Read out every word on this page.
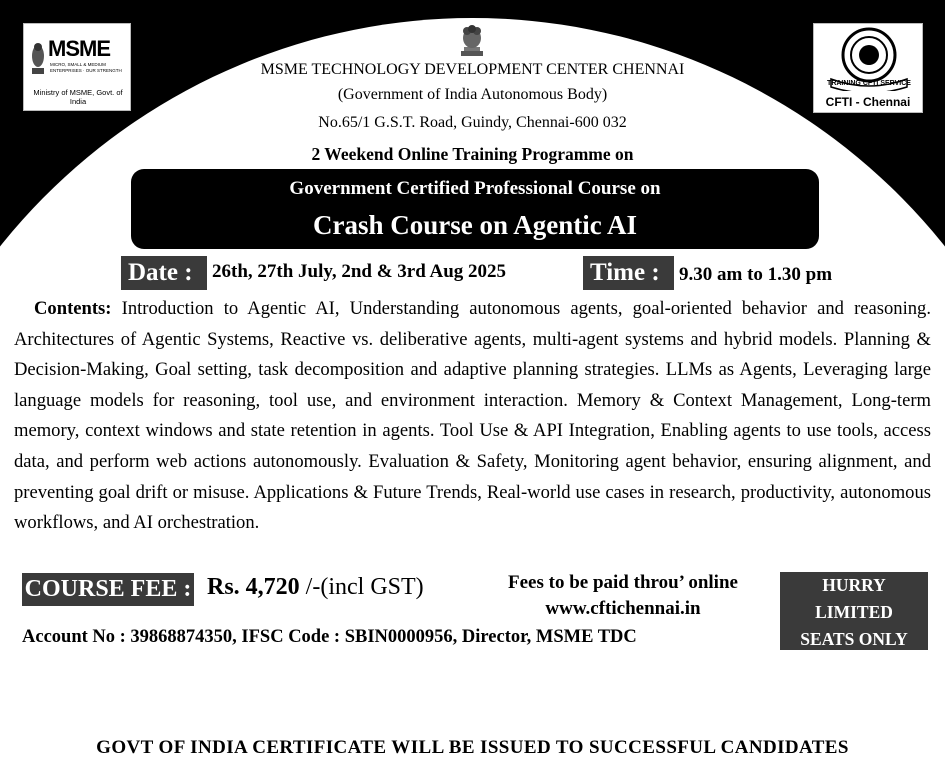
MSME
MICRO, SMALL & MEDIUM ENTERPRISES · OUR STRENGTH
Ministry of MSME, Govt. of India
TRAINING CFTI SERVICE
CFTI - Chennai
MSME TECHNOLOGY DEVELOPMENT CENTER CHENNAI
(Government of India Autonomous Body)
No.65/1 G.S.T. Road, Guindy, Chennai-600 032
2 Weekend Online Training Programme on
Government Certified Professional Course on
Crash Course on Agentic AI
Date :	26th, 27th July, 2nd & 3rd Aug 2025	Time :	9.30 am to 1.30 pm
Contents: Introduction to Agentic AI, Understanding autonomous agents, goal-oriented behavior and reasoning. Architectures of Agentic Systems, Reactive vs. deliberative agents, multi-agent systems and hybrid models. Planning & Decision-Making, Goal setting, task decomposition and adaptive planning strategies. LLMs as Agents, Leveraging large language models for reasoning, tool use, and environment interaction. Memory & Context Management, Long-term memory, context windows and state retention in agents. Tool Use & API Integration, Enabling agents to use tools, access data, and perform web actions autonomously. Evaluation & Safety, Monitoring agent behavior, ensuring alignment, and preventing goal drift or misuse. Applications & Future Trends, Real-world use cases in research, productivity, autonomous workflows, and AI orchestration.
COURSE FEE : Rs. 4,720 /-(incl GST)	Fees to be paid throu’ online
www.cftichennai.in
HURRY
LIMITED
SEATS ONLY
Account No : 39868874350, IFSC Code : SBIN0000956, Director, MSME TDC
For
Details
Contact
Mob : 82201 03222 / 73051 03222 / 72005 26886
Email : msmetdc@cftichennai.in	Web site : www.cftichennai.in
GOVT OF INDIA CERTIFICATE WILL BE ISSUED TO SUCCESSFUL CANDIDATES
